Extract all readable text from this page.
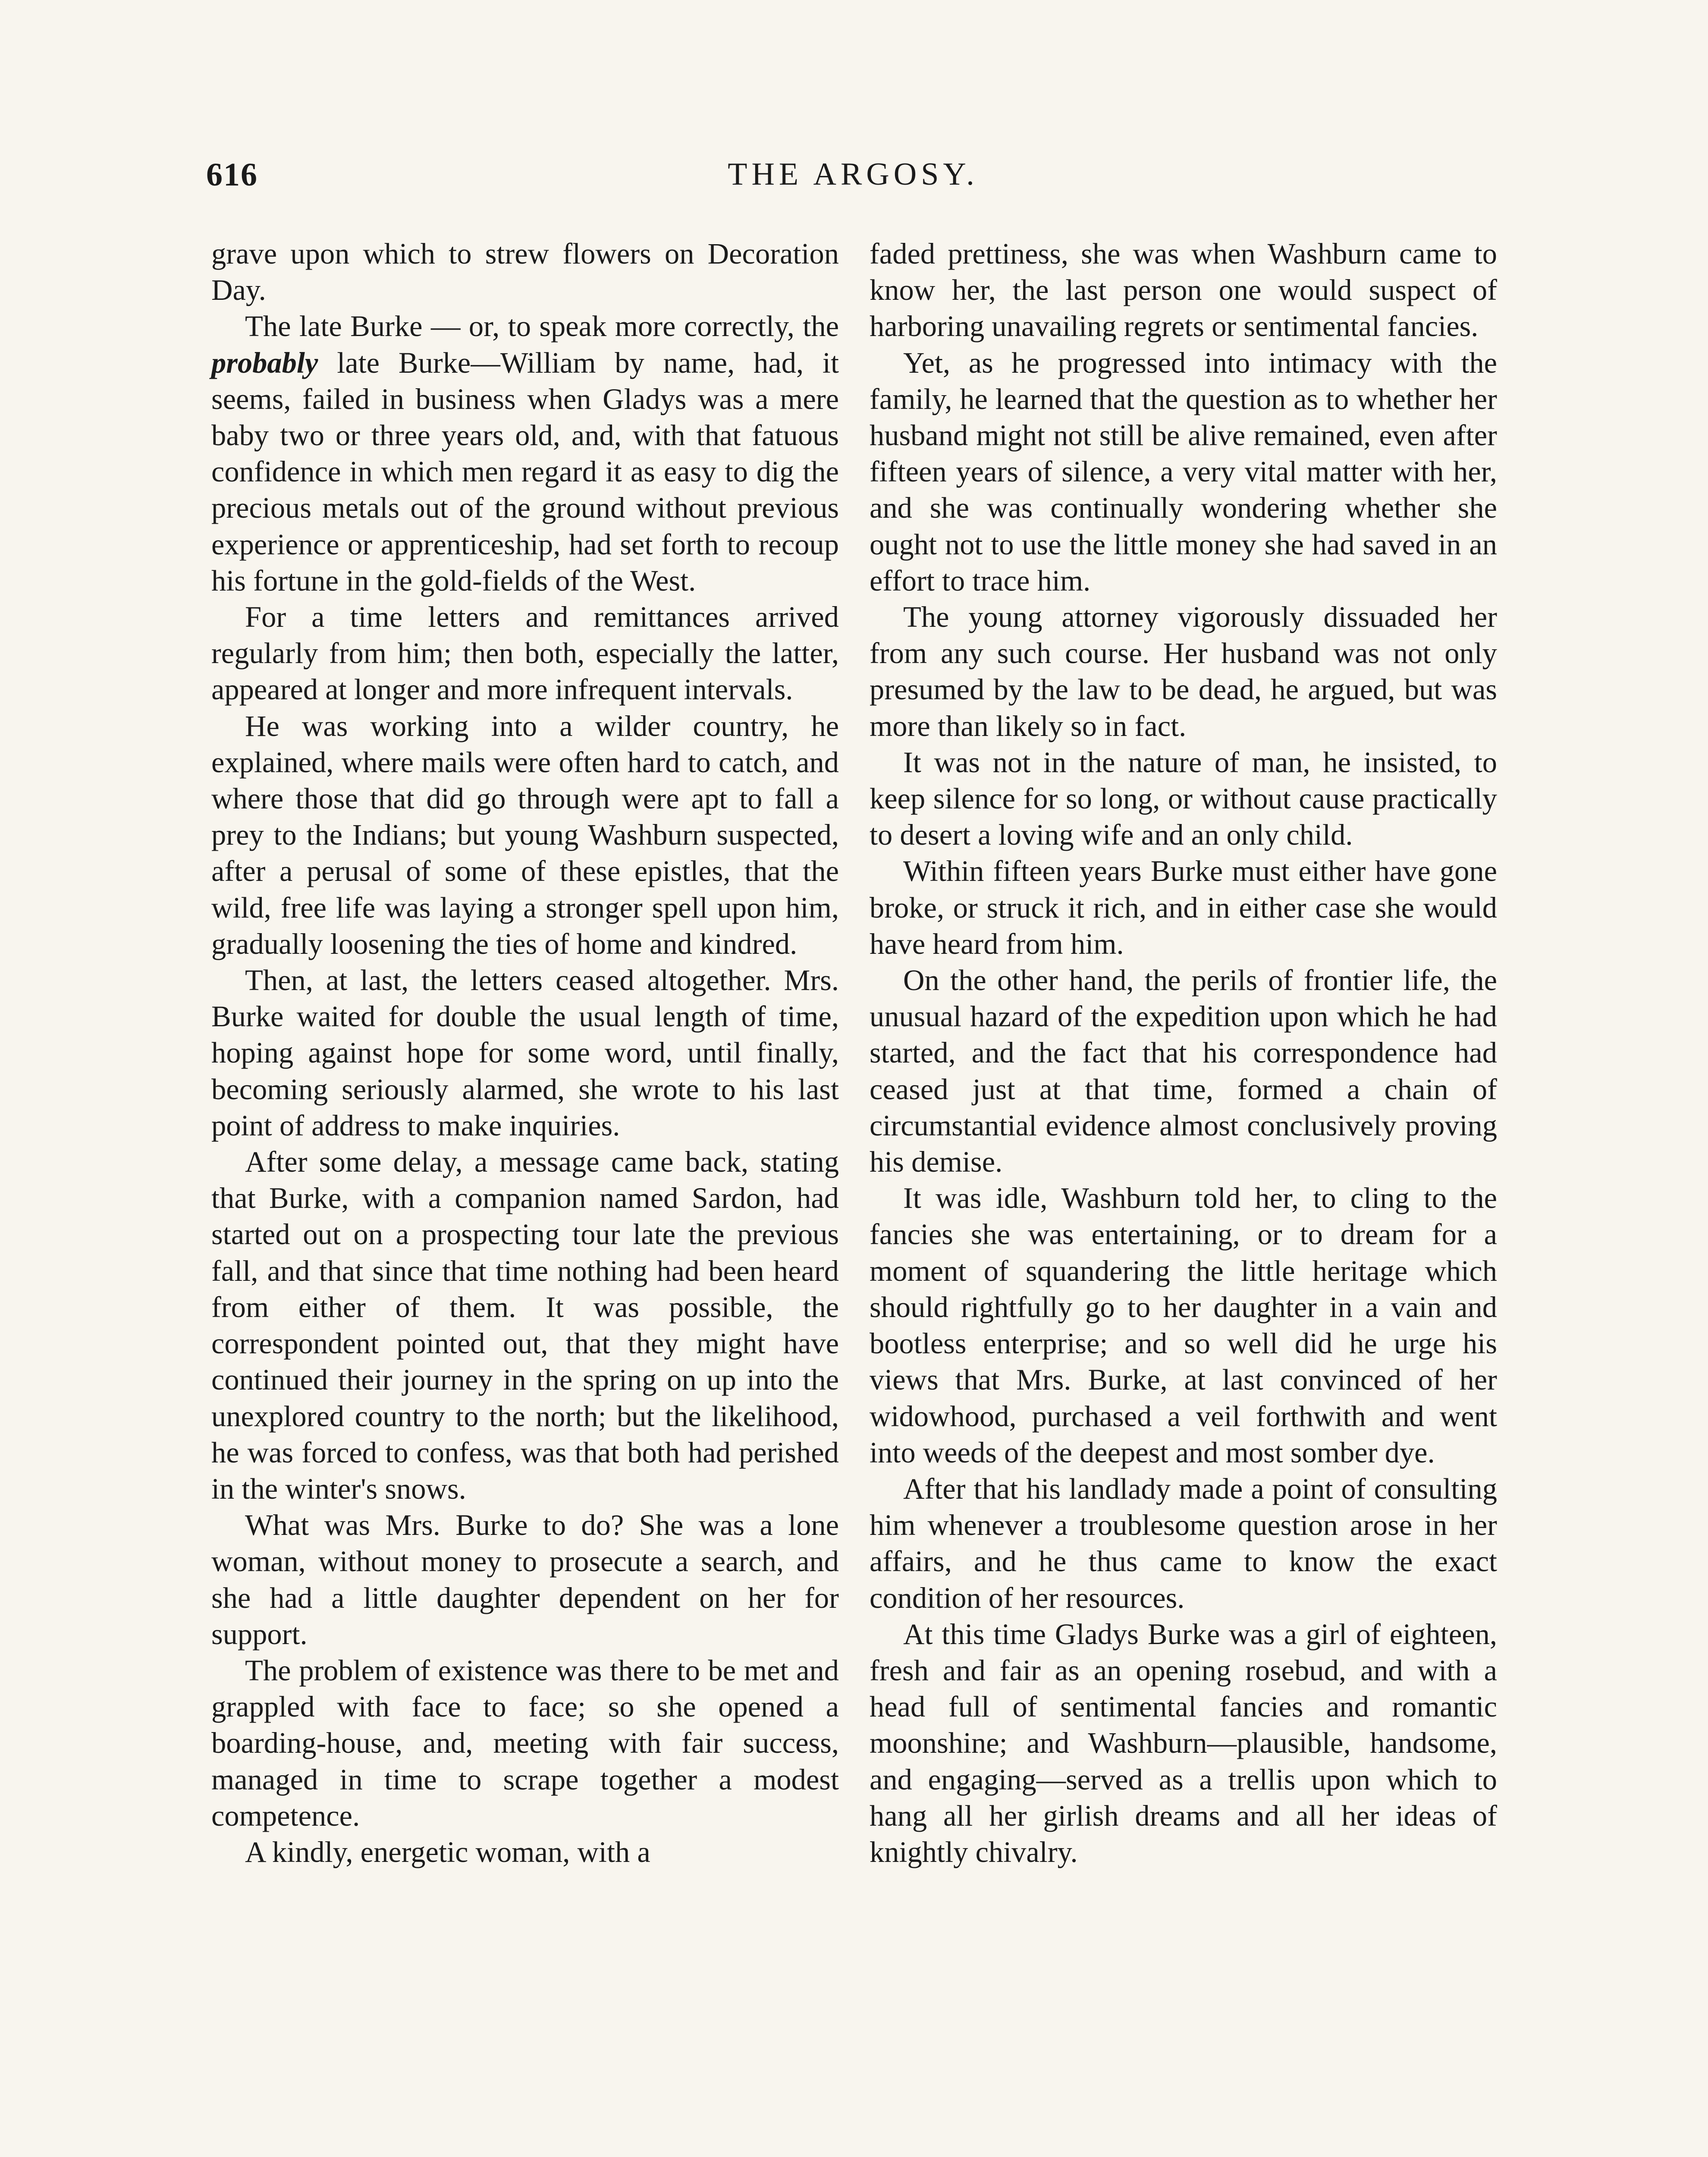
THE ARGOSY.
616

grave upon which to strew flowers on Decoration Day.

The late Burke — or, to speak more correctly, the probably late Burke—William by name, had, it seems, failed in business when Gladys was a mere baby two or three years old, and, with that fatuous confidence in which men regard it as easy to dig the precious metals out of the ground without previous experience or apprenticeship, had set forth to recoup his fortune in the gold-fields of the West.

For a time letters and remittances arrived regularly from him; then both, especially the latter, appeared at longer and more infrequent intervals.

He was working into a wilder country, he explained, where mails were often hard to catch, and where those that did go through were apt to fall a prey to the Indians; but young Washburn suspected, after a perusal of some of these epistles, that the wild, free life was laying a stronger spell upon him, gradually loosening the ties of home and kindred.

Then, at last, the letters ceased altogether. Mrs. Burke waited for double the usual length of time, hoping against hope for some word, until finally, becoming seriously alarmed, she wrote to his last point of address to make inquiries.

After some delay, a message came back, stating that Burke, with a companion named Sardon, had started out on a prospecting tour late the previous fall, and that since that time nothing had been heard from either of them. It was possible, the correspondent pointed out, that they might have continued their journey in the spring on up into the unexplored country to the north; but the likelihood, he was forced to confess, was that both had perished in the winter's snows.

What was Mrs. Burke to do? She was a lone woman, without money to prosecute a search, and she had a little daughter dependent on her for support.

The problem of existence was there to be met and grappled with face to face; so she opened a boarding-house, and, meeting with fair success, managed in time to scrape together a modest competence.

A kindly, energetic woman, with a

faded prettiness, she was when Washburn came to know her, the last person one would suspect of harboring unavailing regrets or sentimental fancies.

Yet, as he progressed into intimacy with the family, he learned that the question as to whether her husband might not still be alive remained, even after fifteen years of silence, a very vital matter with her, and she was continually wondering whether she ought not to use the little money she had saved in an effort to trace him.

The young attorney vigorously dissuaded her from any such course. Her husband was not only presumed by the law to be dead, he argued, but was more than likely so in fact.

It was not in the nature of man, he insisted, to keep silence for so long, or without cause practically to desert a loving wife and an only child.

Within fifteen years Burke must either have gone broke, or struck it rich, and in either case she would have heard from him.

On the other hand, the perils of frontier life, the unusual hazard of the expedition upon which he had started, and the fact that his correspondence had ceased just at that time, formed a chain of circumstantial evidence almost conclusively proving his demise.

It was idle, Washburn told her, to cling to the fancies she was entertaining, or to dream for a moment of squandering the little heritage which should rightfully go to her daughter in a vain and bootless enterprise; and so well did he urge his views that Mrs. Burke, at last convinced of her widowhood, purchased a veil forthwith and went into weeds of the deepest and most somber dye.

After that his landlady made a point of consulting him whenever a troublesome question arose in her affairs, and he thus came to know the exact condition of her resources.

At this time Gladys Burke was a girl of eighteen, fresh and fair as an opening rosebud, and with a head full of sentimental fancies and romantic moonshine; and Washburn—plausible, handsome, and engaging—served as a trellis upon which to hang all her girlish dreams and all her ideas of knightly chivalry.
